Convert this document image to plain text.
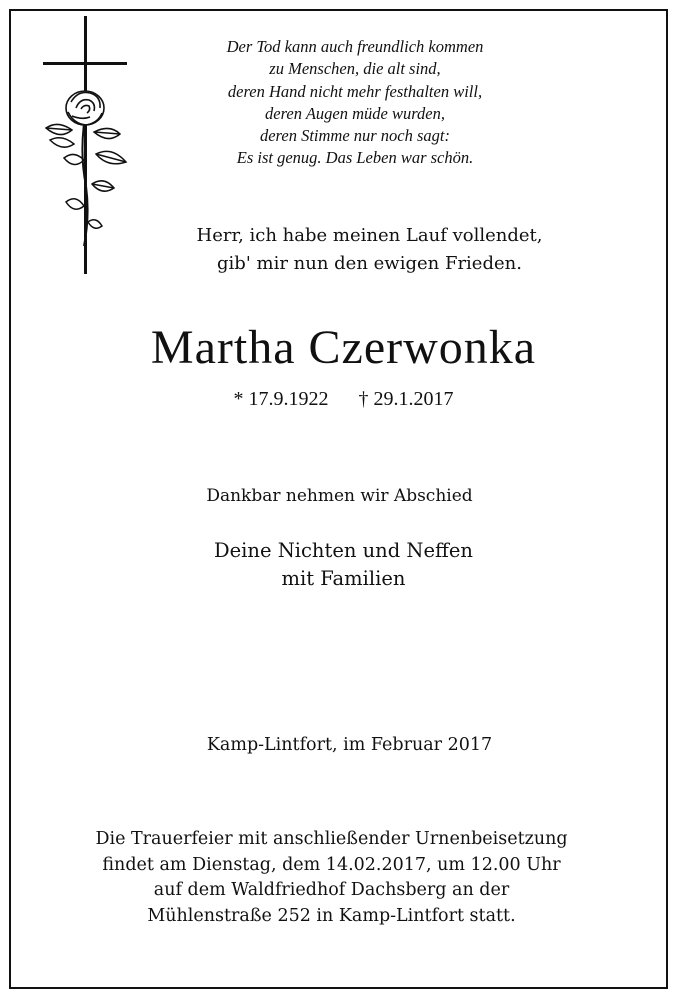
Der Tod kann auch freundlich kommen
zu Menschen, die alt sind,
deren Hand nicht mehr festhalten will,
deren Augen müde wurden,
deren Stimme nur noch sagt:
Es ist genug. Das Leben war schön.
Herr, ich habe meinen Lauf vollendet,
gib' mir nun den ewigen Frieden.
Martha Czerwonka
* 17.9.1922 † 29.1.2017
Dankbar nehmen wir Abschied
Deine Nichten und Neffen
mit Familien
Kamp-Lintfort, im Februar 2017
Die Trauerfeier mit anschließender Urnenbeisetzung
findet am Dienstag, dem 14.02.2017, um 12.00 Uhr
auf dem Waldfriedhof Dachsberg an der
Mühlenstraße 252 in Kamp-Lintfort statt.
